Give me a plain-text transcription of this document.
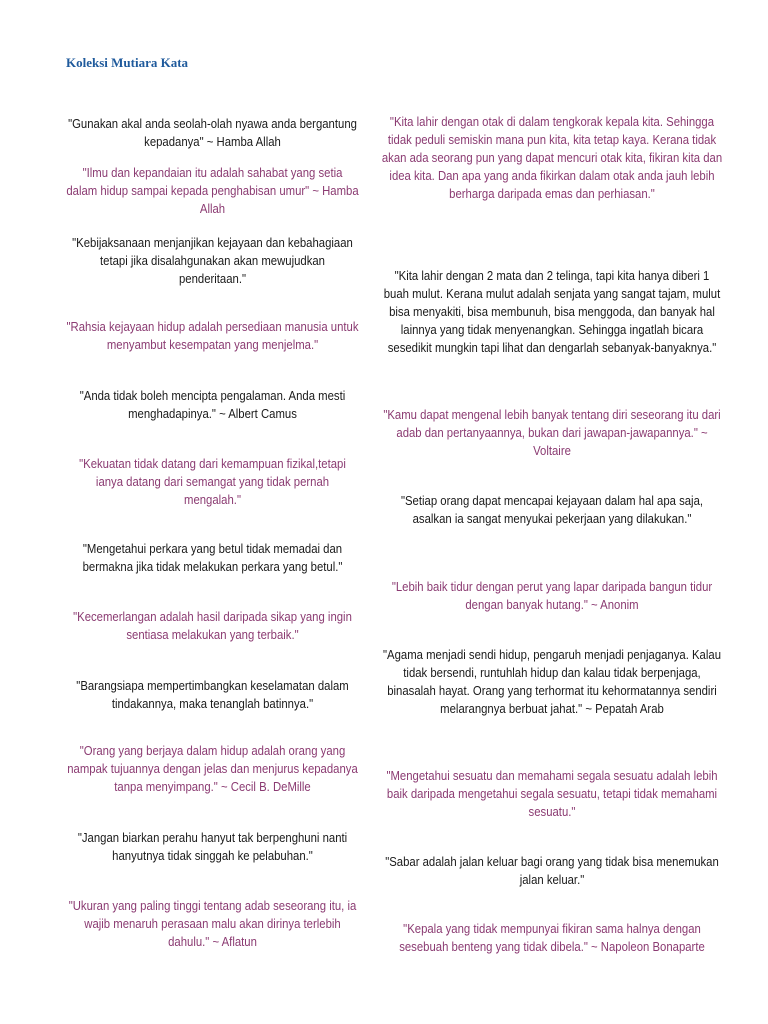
Koleksi Mutiara Kata

"Gunakan akal anda seolah-olah nyawa anda bergantung kepadanya" ~ Hamba Allah

"Ilmu dan kepandaian itu adalah sahabat yang setia dalam hidup sampai kepada penghabisan umur" ~ Hamba Allah

"Kebijaksanaan menjanjikan kejayaan dan kebahagiaan tetapi jika disalahgunakan akan mewujudkan penderitaan."

"Rahsia kejayaan hidup adalah persediaan manusia untuk menyambut kesempatan yang menjelma."

"Anda tidak boleh mencipta pengalaman. Anda mesti menghadapinya." ~ Albert Camus

"Kekuatan tidak datang dari kemampuan fizikal,tetapi ianya datang dari semangat yang tidak pernah mengalah."

"Mengetahui perkara yang betul tidak memadai dan bermakna jika tidak melakukan perkara yang betul."

"Kecemerlangan adalah hasil daripada sikap yang ingin sentiasa melakukan yang terbaik."

"Barangsiapa mempertimbangkan keselamatan dalam tindakannya, maka tenanglah batinnya."

"Orang yang berjaya dalam hidup adalah orang yang nampak tujuannya dengan jelas dan menjurus kepadanya tanpa menyimpang." ~ Cecil B. DeMille

"Jangan biarkan perahu hanyut tak berpenghuni nanti hanyutnya tidak singgah ke pelabuhan."

"Ukuran yang paling tinggi tentang adab seseorang itu, ia wajib menaruh perasaan malu akan dirinya terlebih dahulu." ~ Aflatun

"Kita lahir dengan otak di dalam tengkorak kepala kita. Sehingga tidak peduli semiskin mana pun kita, kita tetap kaya. Kerana tidak akan ada seorang pun yang dapat mencuri otak kita, fikiran kita dan idea kita. Dan apa yang anda fikirkan dalam otak anda jauh lebih berharga daripada emas dan perhiasan."

"Kita lahir dengan 2 mata dan 2 telinga, tapi kita hanya diberi 1 buah mulut. Kerana mulut adalah senjata yang sangat tajam, mulut bisa menyakiti, bisa membunuh, bisa menggoda, dan banyak hal lainnya yang tidak menyenangkan. Sehingga ingatlah bicara sesedikit mungkin tapi lihat dan dengarlah sebanyak-banyaknya."

"Kamu dapat mengenal lebih banyak tentang diri seseorang itu dari adab dan pertanyaannya, bukan dari jawapan-jawapannya." ~ Voltaire

"Setiap orang dapat mencapai kejayaan dalam hal apa saja, asalkan ia sangat menyukai pekerjaan yang dilakukan."

"Lebih baik tidur dengan perut yang lapar daripada bangun tidur dengan banyak hutang." ~ Anonim

"Agama menjadi sendi hidup, pengaruh menjadi penjaganya. Kalau tidak bersendi, runtuhlah hidup dan kalau tidak berpenjaga, binasalah hayat. Orang yang terhormat itu kehormatannya sendiri melarangnya berbuat jahat." ~ Pepatah Arab

"Mengetahui sesuatu dan memahami segala sesuatu adalah lebih baik daripada mengetahui segala sesuatu, tetapi tidak memahami sesuatu."

"Sabar adalah jalan keluar bagi orang yang tidak bisa menemukan jalan keluar."

"Kepala yang tidak mempunyai fikiran sama halnya dengan sesebuah benteng yang tidak dibela." ~ Napoleon Bonaparte
